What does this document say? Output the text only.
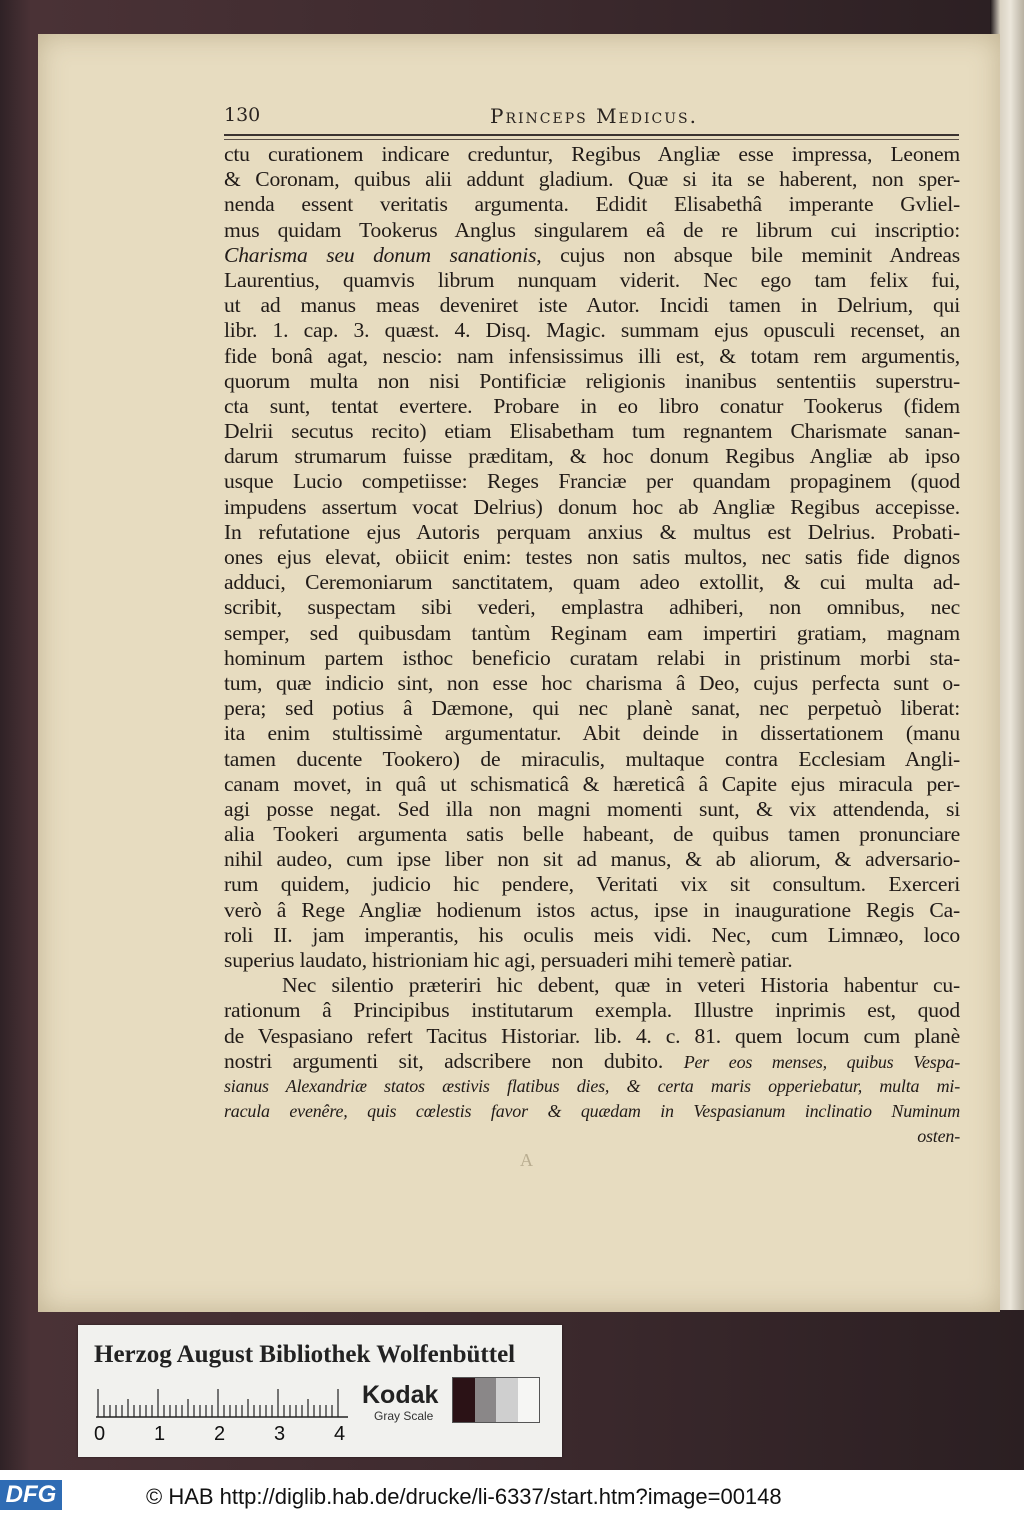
130	Princeps Medicus.
ctu curationem indicare creduntur, Regibus Angliæ esse impressa, Leonem
& Coronam, quibus alii addunt gladium. Quæ si ita se haberent, non sper-
nenda essent veritatis argumenta. Edidit Elisabethâ imperante Gvliel-
mus quidam Tookerus Anglus singularem eâ de re librum cui inscriptio:
Charisma seu donum sanationis, cujus non absque bile meminit Andreas
Laurentius, quamvis librum nunquam viderit. Nec ego tam felix fui,
ut ad manus meas deveniret iste Autor. Incidi tamen in Delrium, qui
libr. 1. cap. 3. quæst. 4. Disq. Magic. summam ejus opusculi recenset, an
fide bonâ agat, nescio: nam infensissimus illi est, & totam rem argumentis,
quorum multa non nisi Pontificiæ religionis inanibus sententiis superstru-
cta sunt, tentat evertere. Probare in eo libro conatur Tookerus (fidem
Delrii secutus recito) etiam Elisabetham tum regnantem Charismate sanan-
darum strumarum fuisse præditam, & hoc donum Regibus Angliæ ab ipso
usque Lucio competiisse: Reges Franciæ per quandam propaginem (quod
impudens assertum vocat Delrius) donum hoc ab Angliæ Regibus accepisse.
In refutatione ejus Autoris perquam anxius & multus est Delrius. Probati-
ones ejus elevat, obiicit enim: testes non satis multos, nec satis fide dignos
adduci, Ceremoniarum sanctitatem, quam adeo extollit, & cui multa ad-
scribit, suspectam sibi vederi, emplastra adhiberi, non omnibus, nec
semper, sed quibusdam tantùm Reginam eam impertiri gratiam, magnam
hominum partem isthoc beneficio curatam relabi in pristinum morbi sta-
tum, quæ indicio sint, non esse hoc charisma â Deo, cujus perfecta sunt o-
pera; sed potius â Dæmone, qui nec planè sanat, nec perpetuò liberat:
ita enim stultissimè argumentatur. Abit deinde in dissertationem (manu
tamen ducente Tookero) de miraculis, multaque contra Ecclesiam Angli-
canam movet, in quâ ut schismaticâ & hæreticâ â Capite ejus miracula per-
agi posse negat. Sed illa non magni momenti sunt, & vix attendenda, si
alia Tookeri argumenta satis belle habeant, de quibus tamen pronunciare
nihil audeo, cum ipse liber non sit ad manus, & ab aliorum, & adversario-
rum quidem, judicio hic pendere, Veritati vix sit consultum. Exerceri
verò â Rege Angliæ hodienum istos actus, ipse in inauguratione Regis Ca-
roli II. jam imperantis, his oculis meis vidi. Nec, cum Limnæo, loco
superius laudato, histrioniam hic agi, persuaderi mihi temerè patiar.
Nec silentio præteriri hic debent, quæ in veteri Historia habentur cu-
rationum â Principibus institutarum exempla. Illustre inprimis est, quod
de Vespasiano refert Tacitus Historiar. lib. 4. c. 81. quem locum cum planè
nostri argumenti sit, adscribere non dubito. Per eos menses, quibus Vespa-
sianus Alexandriæ statos æstivis flatibus dies, & certa maris opperiebatur, multa mi-
racula evenêre, quis cœlestis favor & quædam in Vespasianum inclinatio Numinum
osten-
A
Herzog August Bibliothek Wolfenbüttel
0 1 2 3 4
Kodak
Gray Scale
DFG	© HAB http://diglib.hab.de/drucke/li-6337/start.htm?image=00148
